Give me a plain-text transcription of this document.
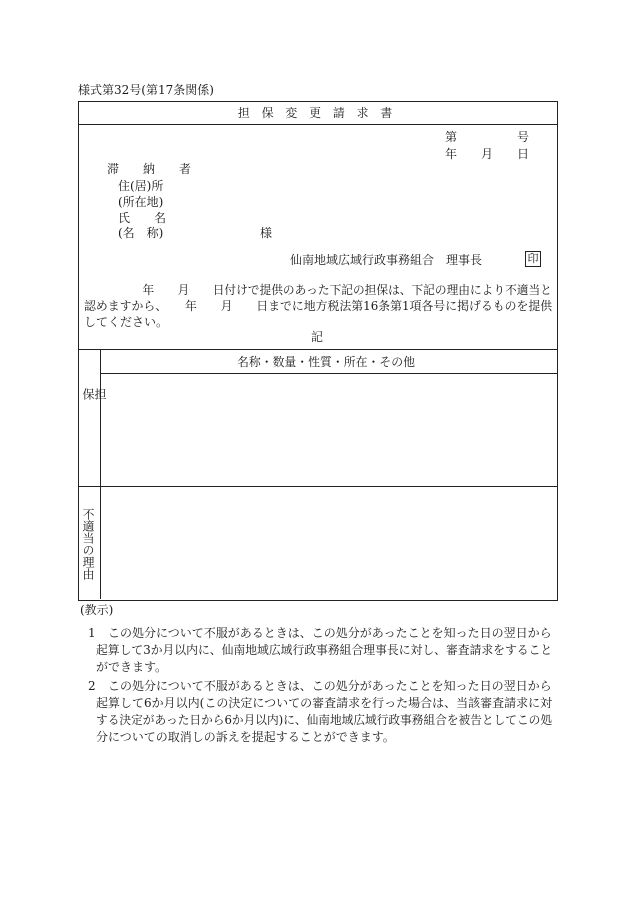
様式第32号(第17条関係)
担　保　変　更　請　求　書
第　　　　　号
年　　月　　日
滞　　納　　者
住(居)所
(所在地)
氏　　名
(名　称)	様
仙南地域広域行政事務組合　理事長	印
　　　　　年　　月　　日付けで提供のあった下記の担保は、下記の理由により不適当と
認めますから、　　年　　月　　日までに地方税法第16条第1項各号に掲げるものを提供
してください。
記
名称・数量・性質・所在・その他
担　保
不適当の理由
(教示)
1 この処分について不服があるときは、この処分があったことを知った日の翌日から
起算して3か月以内に、仙南地域広域行政事務組合理事長に対し、審査請求をすること
ができます。
2 この処分について不服があるときは、この処分があったことを知った日の翌日から
起算して6か月以内(この決定についての審査請求を行った場合は、当該審査請求に対
する決定があった日から6か月以内)に、仙南地域広域行政事務組合を被告としてこの処
分についての取消しの訴えを提起することができます。
